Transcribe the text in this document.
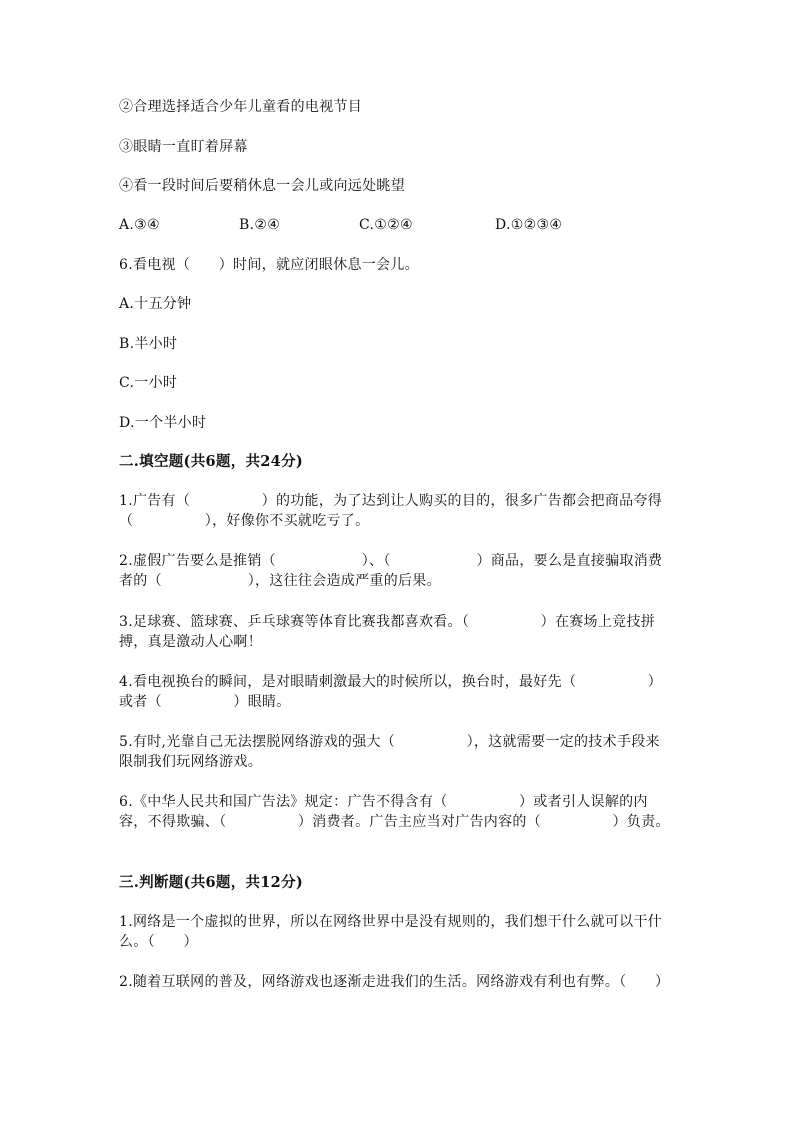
②合理选择适合少年儿童看的电视节目
③眼睛一直盯着屏幕
④看一段时间后要稍休息一会儿或向远处眺望
A.③④	B.②④	C.①②④	D.①②③④
6.看电视（　　）时间，就应闭眼休息一会儿。
A.十五分钟
B.半小时
C.一小时
D.一个半小时
二.填空题(共6题，共24分)
1.广告有（　　　　　）的功能，为了达到让人购买的目的，很多广告都会把商品夸得（　　　　　），好像你不买就吃亏了。
2.虚假广告要么是推销（　　　　　　）、（　　　　　　）商品，要么是直接骗取消费者的（　　　　　　），这往往会造成严重的后果。
3.足球赛、篮球赛、乒乓球赛等体育比赛我都喜欢看。（　　　　　）在赛场上竞技拼搏，真是激动人心啊！
4.看电视换台的瞬间，是对眼睛刺激最大的时候所以，换台时，最好先（　　　　　）或者（　　　　　）眼睛。
5.有时,光靠自己无法摆脱网络游戏的强大（　　　　　），这就需要一定的技术手段来限制我们玩网络游戏。
6.《中华人民共和国广告法》规定：广告不得含有（　　　　　）或者引人误解的内容，不得欺骗、（　　　　　）消费者。广告主应当对广告内容的（　　　　　）负责。
三.判断题(共6题，共12分)
1.网络是一个虚拟的世界，所以在网络世界中是没有规则的，我们想干什么就可以干什么。（　　）
2.随着互联网的普及，网络游戏也逐渐走进我们的生活。网络游戏有利也有弊。（　　）
